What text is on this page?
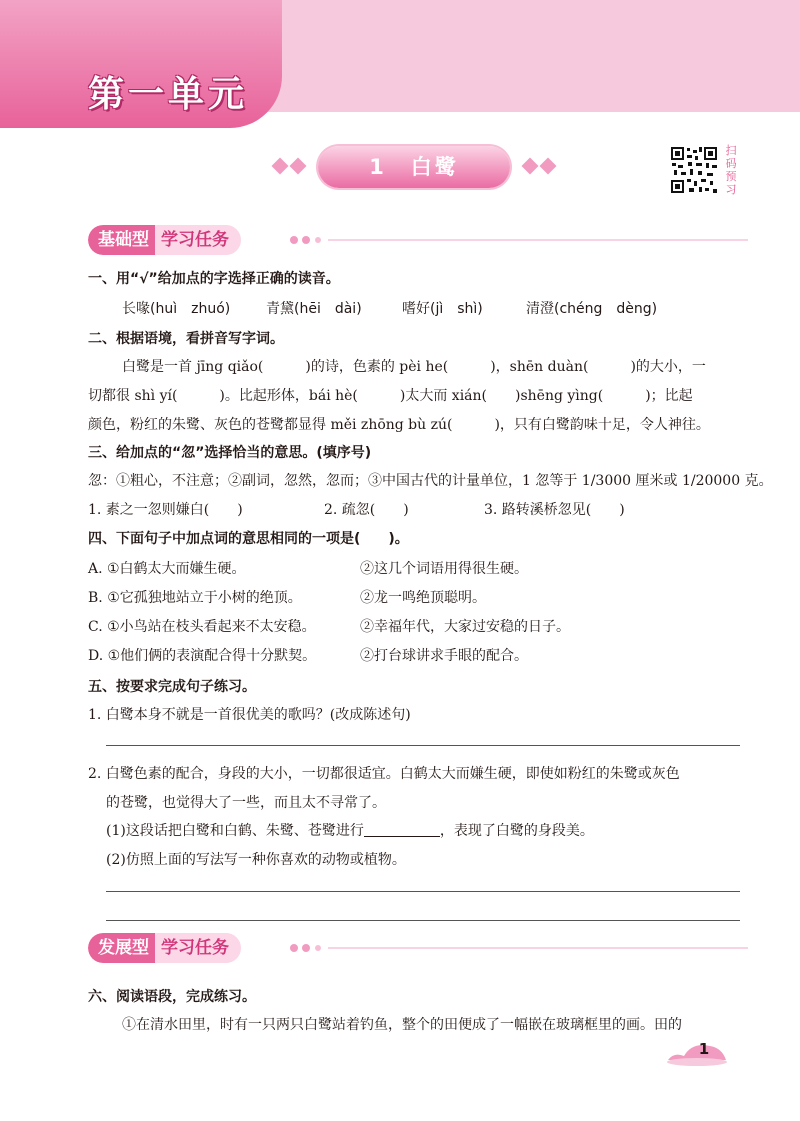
第一单元
1　白鹭
扫码预习
基础型 学习任务
一、用“√”给加点的字选择正确的读音。
长喙(huì　zhuó)	青黛(hēi　dài)	嗜好(jì　shì)	清澄(chéng　dèng)
二、根据语境，看拼音写字词。
白鹭是一首 jīng qiǎo(　　　)的诗，色素的 pèi he(　　　)，shēn duàn(　　　)的大小，一
切都很 shì yí(　　　)。比起形体，bái hè(　　　)太大而 xián(　　)shēng yìng(　　　)；比起
颜色，粉红的朱鹭、灰色的苍鹭都显得 měi zhōng bù zú(　　　)，只有白鹭韵味十足，令人神往。
三、给加点的“忽”选择恰当的意思。(填序号)
忽：①粗心，不注意；②副词，忽然，忽而；③中国古代的计量单位，1 忽等于 1/3000 厘米或 1/20000 克。
1. 素之一忽则嫌白(　　)	2. 疏忽(　　)	3. 路转溪桥忽见(　　)
四、下面句子中加点词的意思相同的一项是(　　)。
A. ①白鹤太大而嫌生硬。	②这几个词语用得很生硬。
B. ①它孤独地站立于小树的绝顶。	②龙一鸣绝顶聪明。
C. ①小鸟站在枝头看起来不太安稳。	②幸福年代，大家过安稳的日子。
D. ①他们俩的表演配合得十分默契。	②打台球讲求手眼的配合。
五、按要求完成句子练习。
1. 白鹭本身不就是一首很优美的歌吗？(改成陈述句)
2. 白鹭色素的配合，身段的大小，一切都很适宜。白鹤太大而嫌生硬，即使如粉红的朱鹭或灰色
的苍鹭，也觉得大了一些，而且太不寻常了。
(1)这段话把白鹭和白鹤、朱鹭、苍鹭进行	，表现了白鹭的身段美。
(2)仿照上面的写法写一种你喜欢的动物或植物。
发展型 学习任务
六、阅读语段，完成练习。
①在清水田里，时有一只两只白鹭站着钓鱼，整个的田便成了一幅嵌在玻璃框里的画。田的
1
